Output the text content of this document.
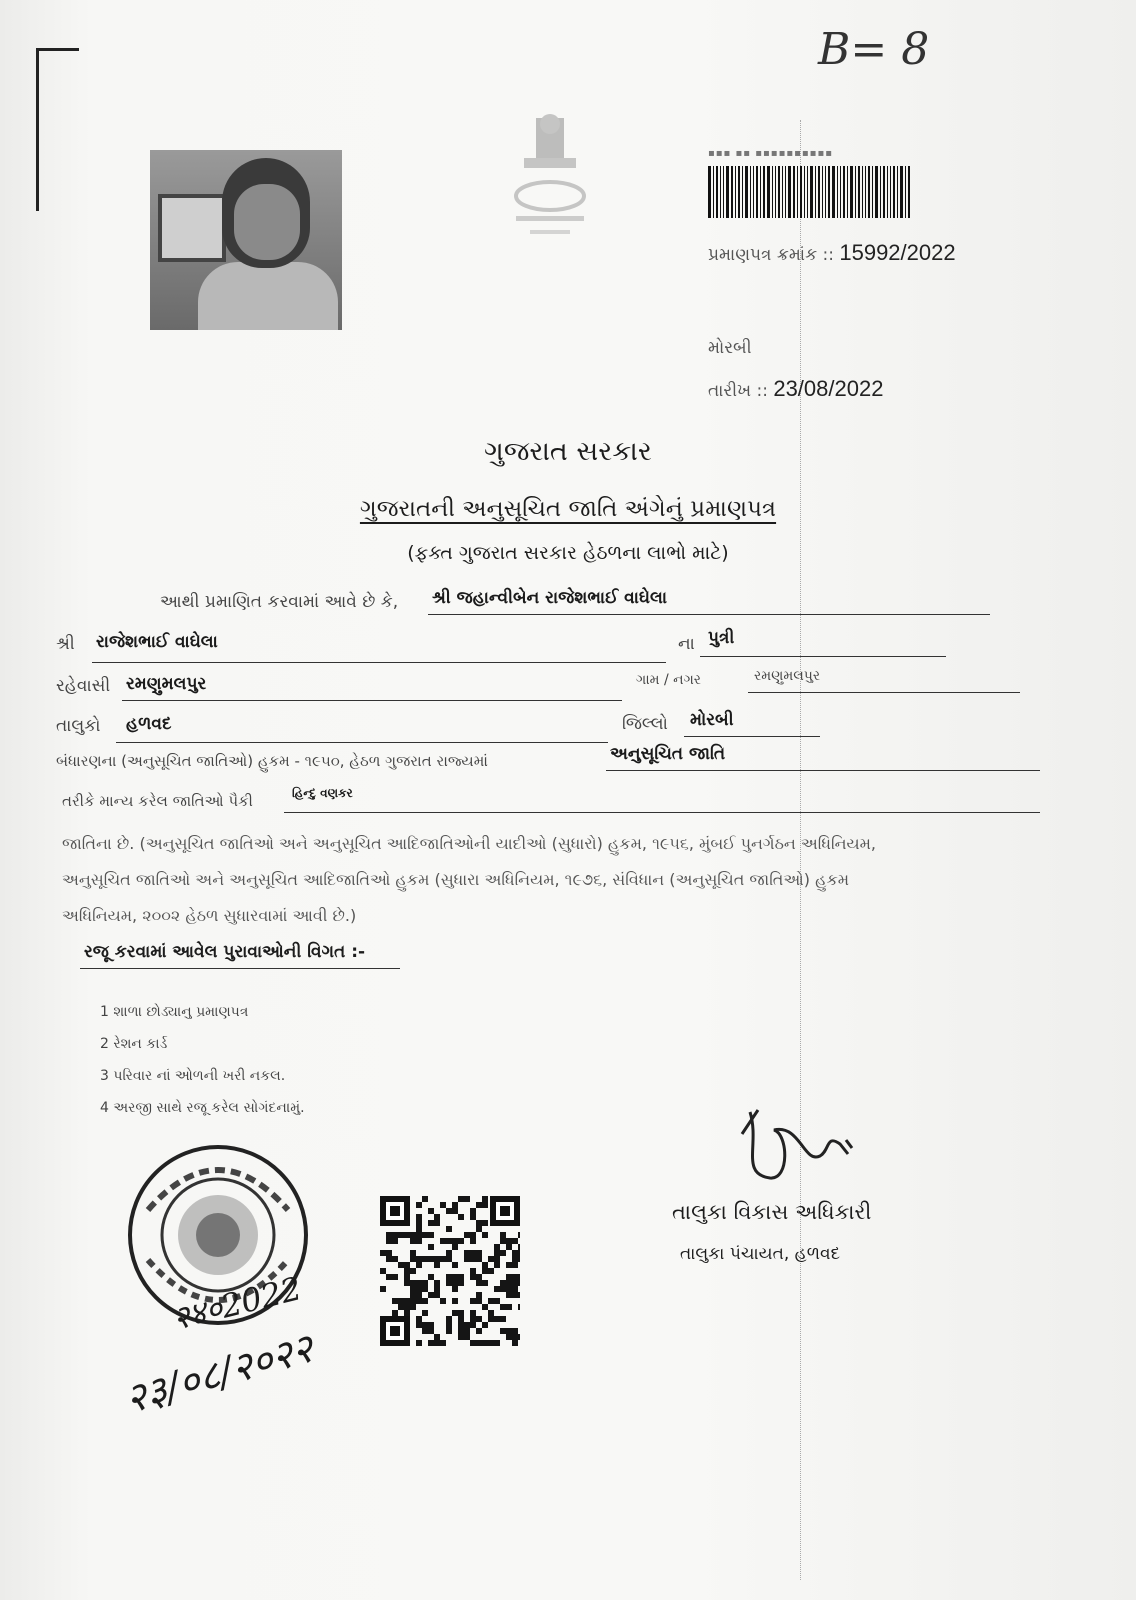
B= 8
▪▪▪ ▪▪ ▪▪▪▪▪▪▪▪▪▪
પ્રમાણપત્ર ક્રમાંક :: 15992/2022
મોરબી
તારીખ :: 23/08/2022
ગુજરાત સરકાર
ગુજરાતની અનુસૂચિત જાતિ અંગેનું પ્રમાણપત્ર
(ફક્ત ગુજરાત સરકાર હેઠળના લાભો માટે)
આથી પ્રમાણિત કરવામાં આવે છે કે, શ્રી જહાન્વીબેન રાજેશભાઈ વાઘેલા
શ્રી રાજેશભાઈ વાઘેલા	ના પુત્રી
રહેવાસી રમણુમલપુર	ગામ / નગર	રમણુમલપુર
તાલુકો હળવદ	જિલ્લો મોરબી
બંધારણના (અનુસૂચિત જાતિઓ) હુકમ - ૧૯૫૦, હેઠળ ગુજરાત રાજ્યમાં	અનુસૂચિત જાતિ
તરીકે માન્ય કરેલ જાતિઓ પૈકી	હિન્દુ વણકર
જાતિના છે. (અનુસૂચિત જાતિઓ અને અનુસૂચિત આદિજાતિઓની યાદીઓ (સુધારો) હુકમ, ૧૯૫૬, મુંબઈ પુનર્ગઠન અધિનિયમ,
અનુસૂચિત જાતિઓ અને અનુસૂચિત આદિજાતિઓ હુકમ (સુધારા અધિનિયમ, ૧૯૭૬, સંવિધાન (અનુસૂચિત જાતિઓ) હુકમ
અધિનિયમ, ૨૦૦૨ હેઠળ સુધારવામાં આવી છે.)
રજૂ કરવામાં આવેલ પુરાવાઓની વિગત :-
1 શાળા છોડ્યાનુ પ્રમાણપત્ર
2 રેશન કાર્ડ
3 પરિવાર નાં ઓળની ખરી નકલ.
4 અરજી સાથે રજૂ કરેલ સોગંદનામું.
२४०2022
२३/०८/२०२२
તાલુકા વિકાસ અધિકારી
તાલુકા પંચાયત, હળવદ
